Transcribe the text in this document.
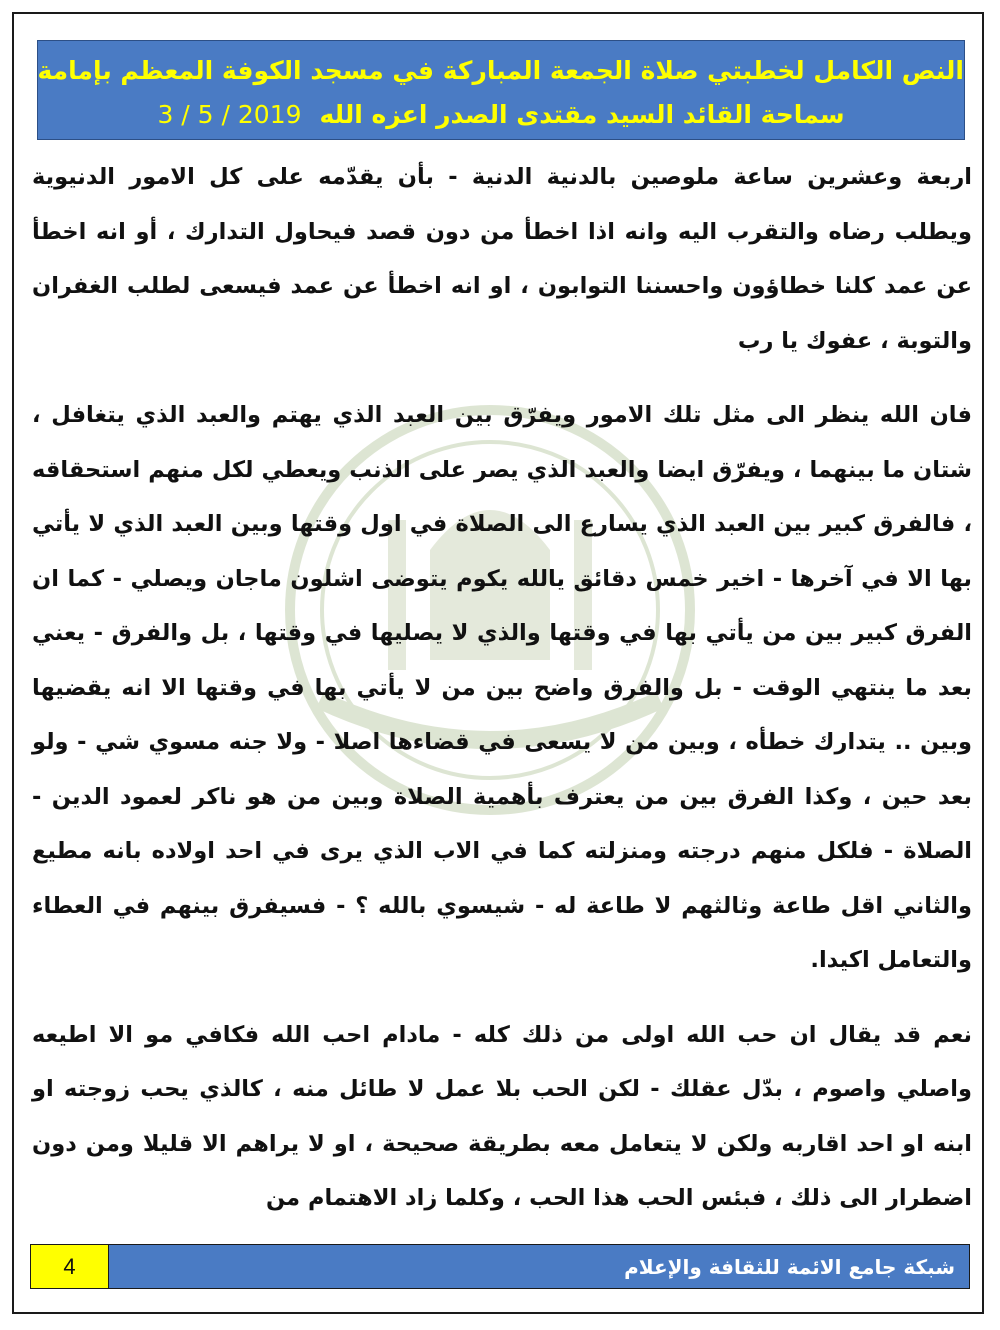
النص الكامل لخطبتي صلاة الجمعة المباركة في مسجد الكوفة المعظم بإمامة
سماحة القائد السيد مقتدى الصدر اعزه الله 3 / 5 / 2019

اربعة وعشرين ساعة ملوصين بالدنية الدنية - بأن يقدّمه على كل الامور الدنيوية ويطلب رضاه والتقرب اليه وانه اذا اخطأ من دون قصد فيحاول التدارك ، أو انه اخطأ عن عمد كلنا خطاؤون واحسننا التوابون ، او انه اخطأ عن عمد فيسعى لطلب الغفران والتوبة ، عفوك يا رب

فان الله ينظر الى مثل تلك الامور ويفرّق بين العبد الذي يهتم والعبد الذي يتغافل ، شتان ما بينهما ، ويفرّق ايضا والعبد الذي يصر على الذنب ويعطي لكل منهم استحقاقه ، فالفرق كبير بين العبد الذي يسارع الى الصلاة في اول وقتها وبين العبد الذي لا يأتي بها الا في آخرها - اخير خمس دقائق يالله يكوم يتوضى اشلون ماجان ويصلي - كما ان الفرق كبير بين من يأتي بها في وقتها والذي لا يصليها في وقتها ، بل والفرق - يعني بعد ما ينتهي الوقت - بل والفرق واضح بين من لا يأتي بها في وقتها الا انه يقضيها وبين .. يتدارك خطأه ، وبين من لا يسعى في قضاءها اصلا - ولا جنه مسوي شي - ولو بعد حين ، وكذا الفرق بين من يعترف بأهمية الصلاة وبين من هو ناكر لعمود الدين - الصلاة - فلكل منهم درجته ومنزلته كما في الاب الذي يرى في احد اولاده بانه مطيع والثاني اقل طاعة وثالثهم لا طاعة له - شيسوي بالله ؟ - فسيفرق بينهم في العطاء والتعامل اكيدا.

نعم قد يقال ان حب الله اولى من ذلك كله - مادام احب الله فكافي مو الا اطيعه واصلي واصوم ، بدّل عقلك - لكن الحب بلا عمل لا طائل منه ، كالذي يحب زوجته او ابنه او احد اقاربه ولكن لا يتعامل معه بطريقة صحيحة ، او لا يراهم الا قليلا ومن دون اضطرار الى ذلك ، فبئس الحب هذا الحب ، وكلما زاد الاهتمام من

4	شبكة جامع الائمة للثقافة والإعلام
